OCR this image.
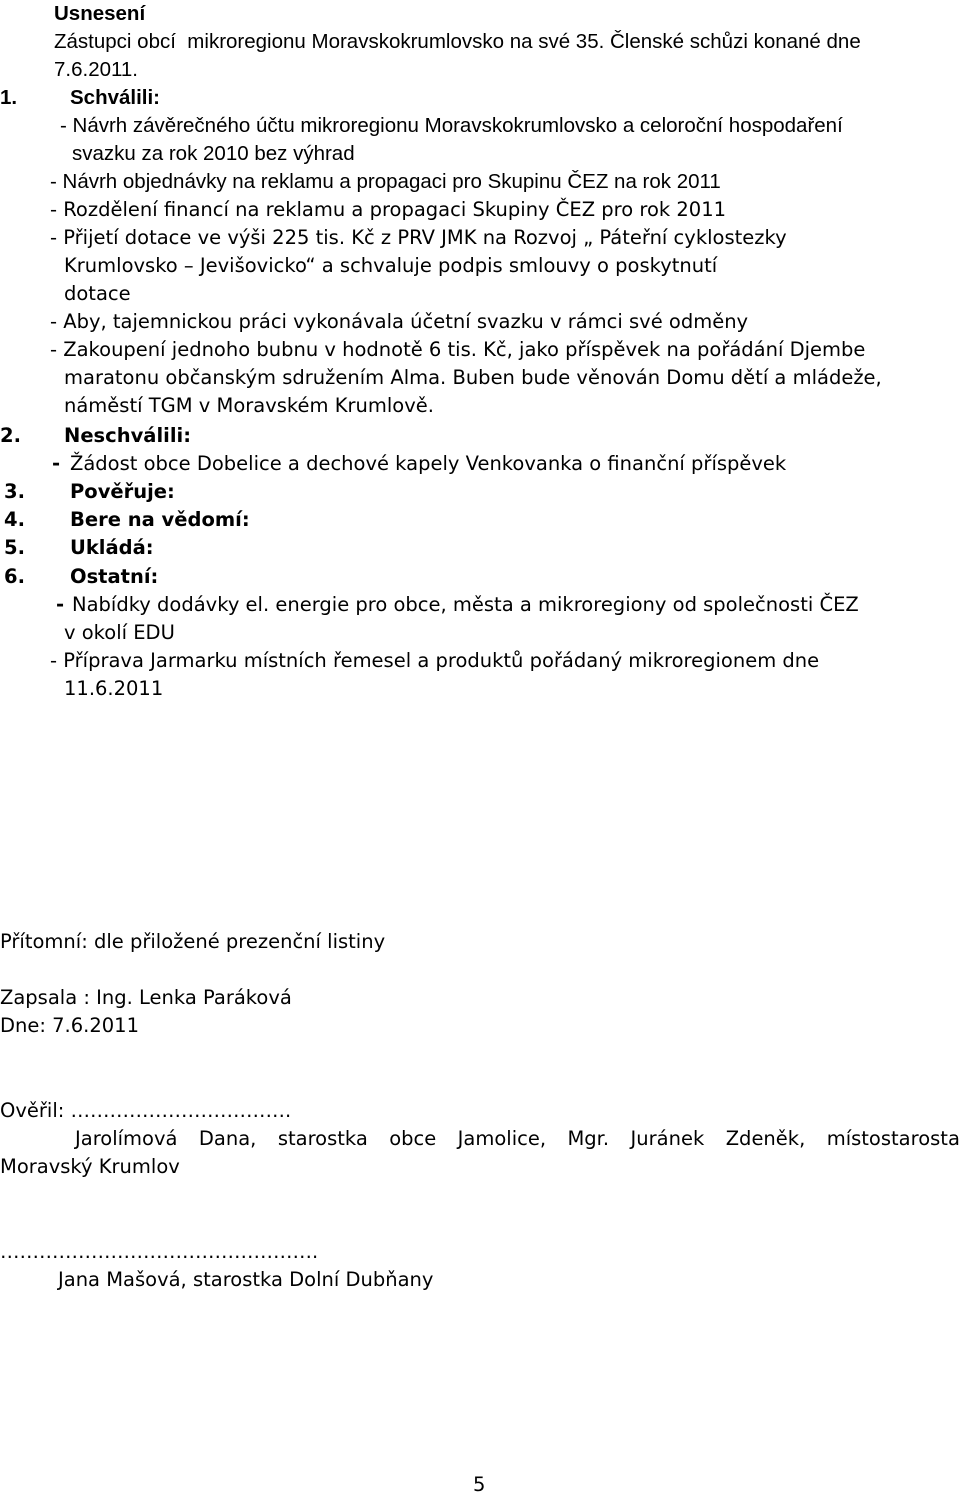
Usnesení
Zástupci obcí  mikroregionu Moravskokrumlovsko na své 35. Členské schůzi konané dne
7.6.2011.
1.	Schválili:
- Návrh závěrečného účtu mikroregionu Moravskokrumlovsko a celoroční hospodaření
svazku za rok 2010 bez výhrad
- Návrh objednávky na reklamu a propagaci pro Skupinu ČEZ na rok 2011
- Rozdělení financí na reklamu a propagaci Skupiny ČEZ pro rok 2011
- Přijetí dotace ve výši 225 tis. Kč z PRV JMK na Rozvoj „ Páteřní cyklostezky
Krumlovsko – Jevišovicko“ a schvaluje podpis smlouvy o poskytnutí
dotace
- Aby, tajemnickou práci vykonávala účetní svazku v rámci své odměny
- Zakoupení jednoho bubnu v hodnotě 6 tis. Kč, jako příspěvek na pořádání Djembe
maratonu občanským sdružením Alma. Buben bude věnován Domu dětí a mládeže,
náměstí TGM v Moravském Krumlově.
2. Neschválili:
- Žádost obce Dobelice a dechové kapely Venkovanka o finanční příspěvek
3. Pověřuje:
4. Bere na vědomí:
5. Ukládá:
6. Ostatní:
- Nabídky dodávky el. energie pro obce, města a mikroregiony od společnosti ČEZ
v okolí EDU
- Příprava Jarmarku místních řemesel a produktů pořádaný mikroregionem dne
11.6.2011
Přítomní: dle přiložené prezenční listiny
Zapsala : Ing. Lenka Paráková
Dne: 7.6.2011
Ověřil: …………………………….
Jarolímová Dana, starostka obce Jamolice, Mgr. Juránek Zdeněk, místostarosta
Moravský Krumlov
………………………………………….
Jana Mašová, starostka Dolní Dubňany
5
